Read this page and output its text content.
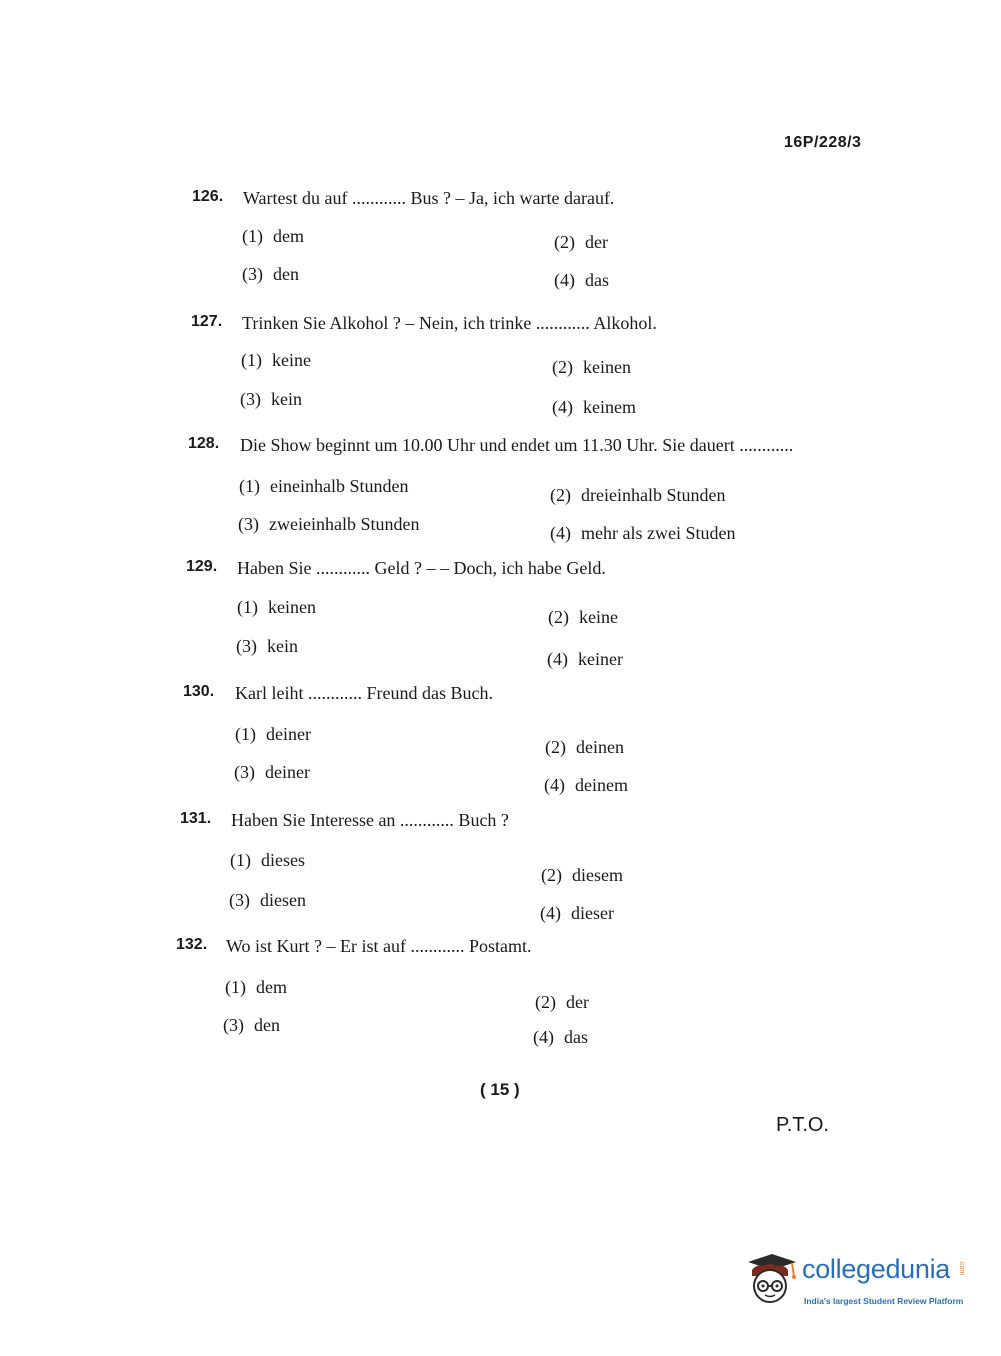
16P/228/3
126. Wartest du auf ............ Bus ? – Ja, ich warte darauf.
(1) dem	(2) der
(3) den	(4) das
127. Trinken Sie Alkohol ? – Nein, ich trinke ............ Alkohol.
(1) keine	(2) keinen
(3) kein	(4) keinem
128. Die Show beginnt um 10.00 Uhr und endet um 11.30 Uhr. Sie dauert ............
(1) eineinhalb Stunden	(2) dreieinhalb Stunden
(3) zweieinhalb Stunden	(4) mehr als zwei Studen
129. Haben Sie ............ Geld ? – – Doch, ich habe Geld.
(1) keinen	(2) keine
(3) kein
(4) keiner
130. Karl leiht ............ Freund das Buch.
(1) deiner
(2) deinen
(3) deiner
(4) deinem
131. Haben Sie Interesse an ............ Buch ?
(1) dieses
(2) diesem
(3) diesen
(4) dieser
132. Wo ist Kurt ? – Er ist auf ............ Postamt.
(1) dem
(2) der
(3) den
(4) das
( 15 )
P.T.O.
collegedunia .com
India's largest Student Review Platform
